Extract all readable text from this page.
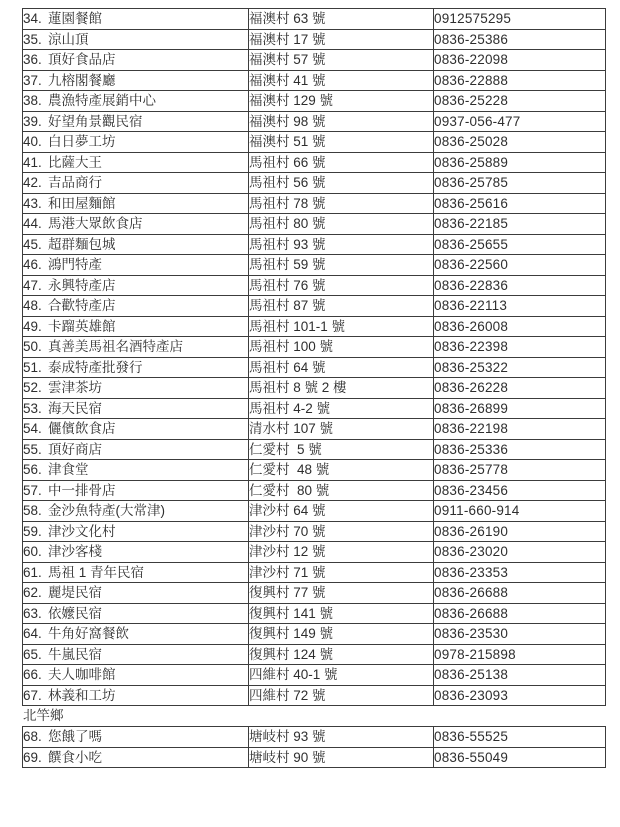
34. 蓮園餐館	福澳村 63 號	0912575295
35. 涼山頂	福澳村 17 號	0836-25386
36. 頂好食品店	福澳村 57 號	0836-22098
37. 九榕閣餐廳	福澳村 41 號	0836-22888
38. 農漁特產展銷中心	福澳村 129 號	0836-25228
39. 好望角景觀民宿	福澳村 98 號	0937-056-477
40. 白日夢工坊	福澳村 51 號	0836-25028
41. 比薩大王	馬祖村 66 號	0836-25889
42. 吉品商行	馬祖村 56 號	0836-25785
43. 和田屋麵館	馬祖村 78 號	0836-25616
44. 馬港大眾飲食店	馬祖村 80 號	0836-22185
45. 超群麵包城	馬祖村 93 號	0836-25655
46. 鴻門特產	馬祖村 59 號	0836-22560
47. 永興特產店	馬祖村 76 號	0836-22836
48. 合歡特產店	馬祖村 87 號	0836-22113
49. 卡蹓英雄館	馬祖村 101-1 號	0836-26008
50. 真善美馬祖名酒特產店	馬祖村 100 號	0836-22398
51. 泰成特產批發行	馬祖村 64 號	0836-25322
52. 雲津茶坊	馬祖村 8 號 2 樓	0836-26228
53. 海天民宿	馬祖村 4-2 號	0836-26899
54. 儷儐飲食店	清水村 107 號	0836-22198
55. 頂好商店	仁愛村  5 號	0836-25336
56. 津食堂	仁愛村  48 號	0836-25778
57. 中一排骨店	仁愛村  80 號	0836-23456
58. 金沙魚特產(大常津)	津沙村 64 號	0911-660-914
59. 津沙文化村	津沙村 70 號	0836-26190
60. 津沙客棧	津沙村 12 號	0836-23020
61. 馬祖 1 青年民宿	津沙村 71 號	0836-23353
62. 麗堤民宿	復興村 77 號	0836-26688
63. 依嬤民宿	復興村 141 號	0836-26688
64. 牛角好窩餐飲	復興村 149 號	0836-23530
65. 牛嵐民宿	復興村 124 號	0978-215898
66. 夫人咖啡館	四維村 40-1 號	0836-25138
67. 林義和工坊	四維村 72 號	0836-23093
北竿鄉
68. 您餓了嗎	塘岐村 93 號	0836-55525
69. 饌食小吃	塘岐村 90 號	0836-55049
